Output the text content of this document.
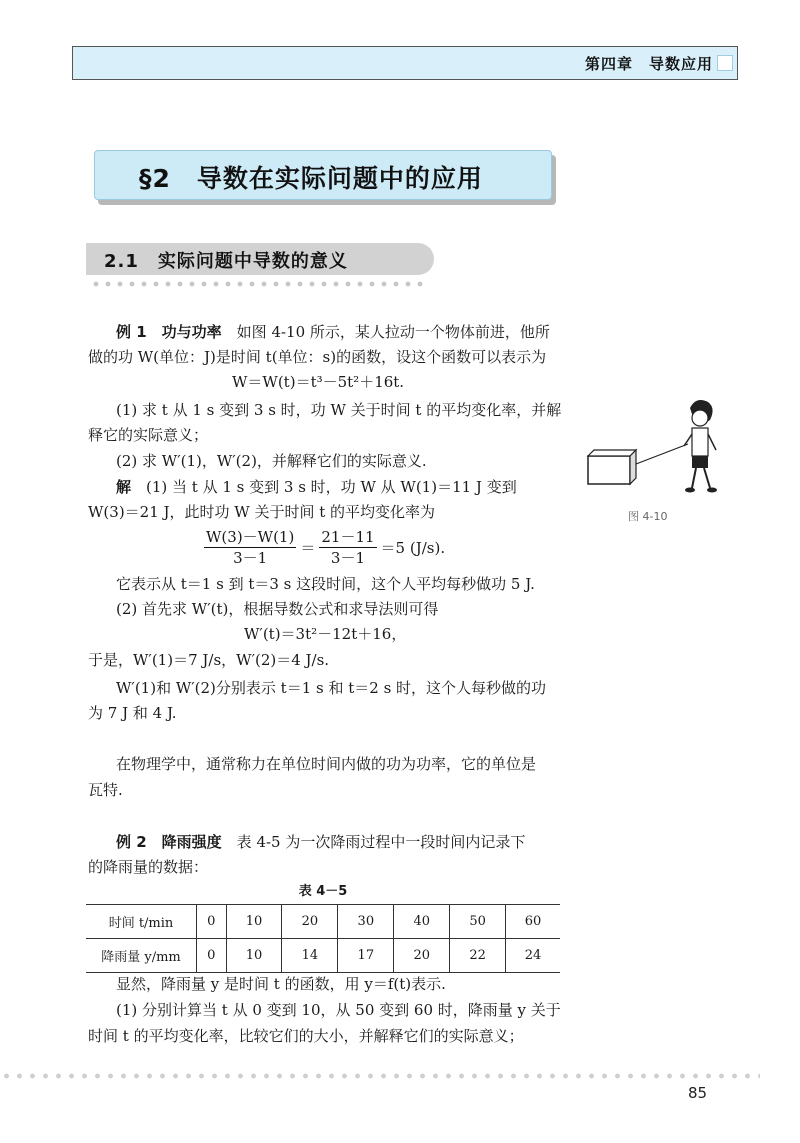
第四章　导数应用
§2　导数在实际问题中的应用
2.1　实际问题中导数的意义
例 1　功与功率　如图 4-10 所示，某人拉动一个物体前进，他所
做的功 W(单位：J)是时间 t(单位：s)的函数，设这个函数可以表示为
W＝W(t)＝t³－5t²＋16t.
(1) 求 t 从 1 s 变到 3 s 时，功 W 关于时间 t 的平均变化率，并解
释它的实际意义；
(2) 求 W′(1)，W′(2)，并解释它们的实际意义.
解　(1) 当 t 从 1 s 变到 3 s 时，功 W 从 W(1)＝11 J 变到
W(3)＝21 J，此时功 W 关于时间 t 的平均变化率为
$\frac{W(3)-W(1)}{3-1} = \frac{21-11}{3-1} =5$ (J/s).
它表示从 t＝1 s 到 t＝3 s 这段时间，这个人平均每秒做功 5 J.
(2) 首先求 W′(t)，根据导数公式和求导法则可得
W′(t)＝3t²－12t＋16，
于是，W′(1)＝7 J/s，W′(2)＝4 J/s.
W′(1)和 W′(2)分别表示 t＝1 s 和 t＝2 s 时，这个人每秒做的功
为 7 J 和 4 J.
图 4-10
在物理学中，通常称力在单位时间内做的功为功率，它的单位是
瓦特.
例 2　降雨强度　表 4-5 为一次降雨过程中一段时间内记录下
的降雨量的数据：
表 4－5
时间 t/min	0	10	20	30	40	50	60
降雨量 y/mm	0	10	14	17	20	22	24
显然，降雨量 y 是时间 t 的函数，用 y＝f(t)表示.
(1) 分别计算当 t 从 0 变到 10，从 50 变到 60 时，降雨量 y 关于
时间 t 的平均变化率，比较它们的大小，并解释它们的实际意义；
85
